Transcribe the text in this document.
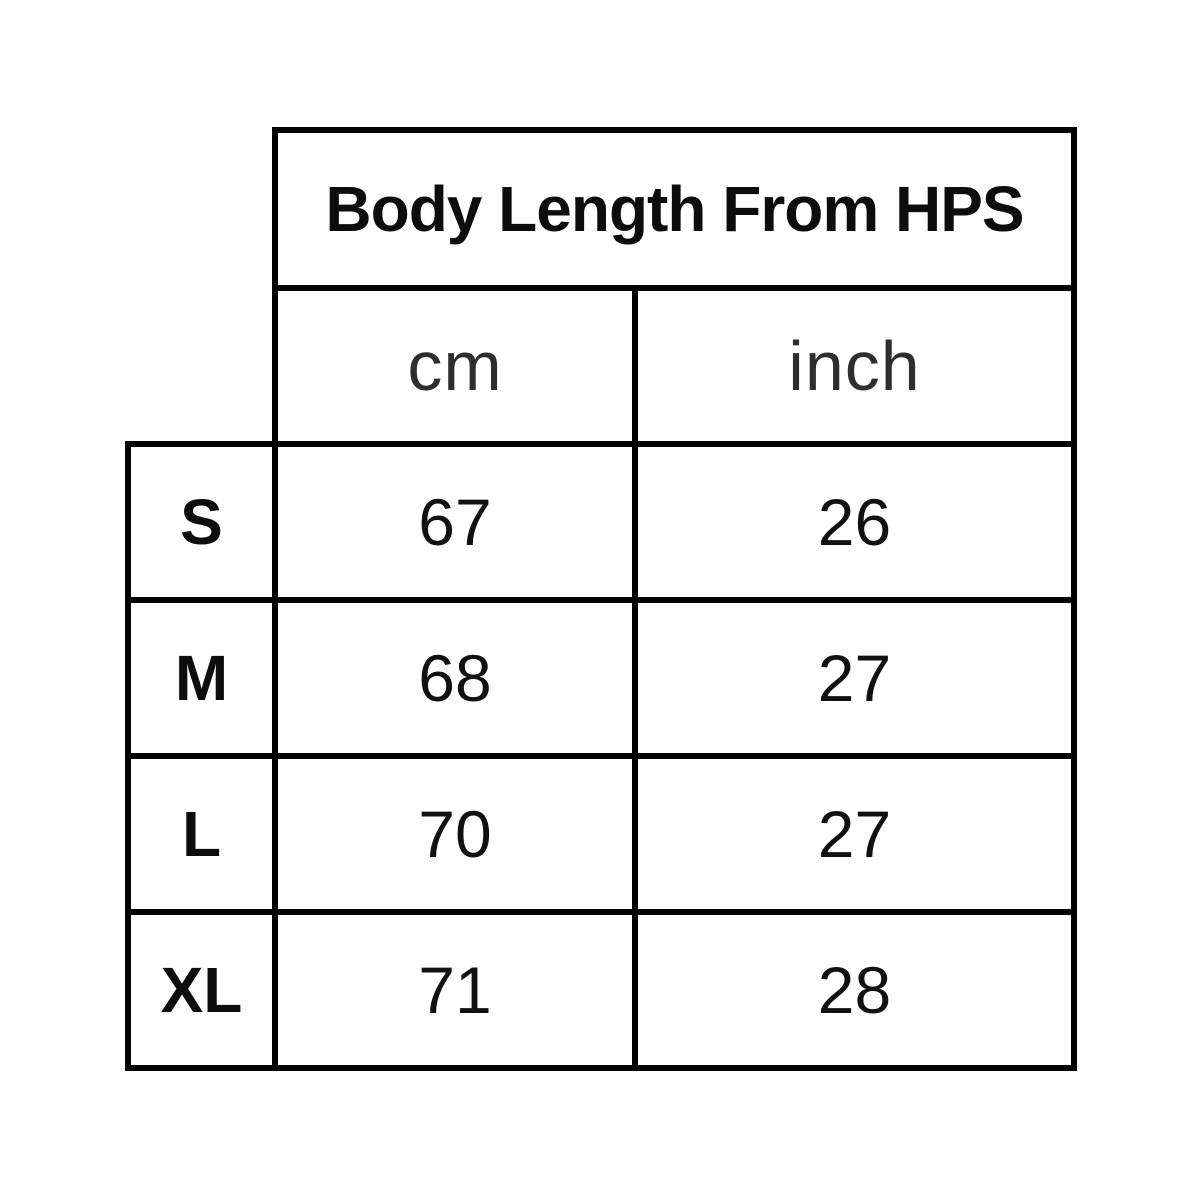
	Body Length From HPS	
	cm	inch
S	67	26
M	68	27
L	70	27
XL	71	28
